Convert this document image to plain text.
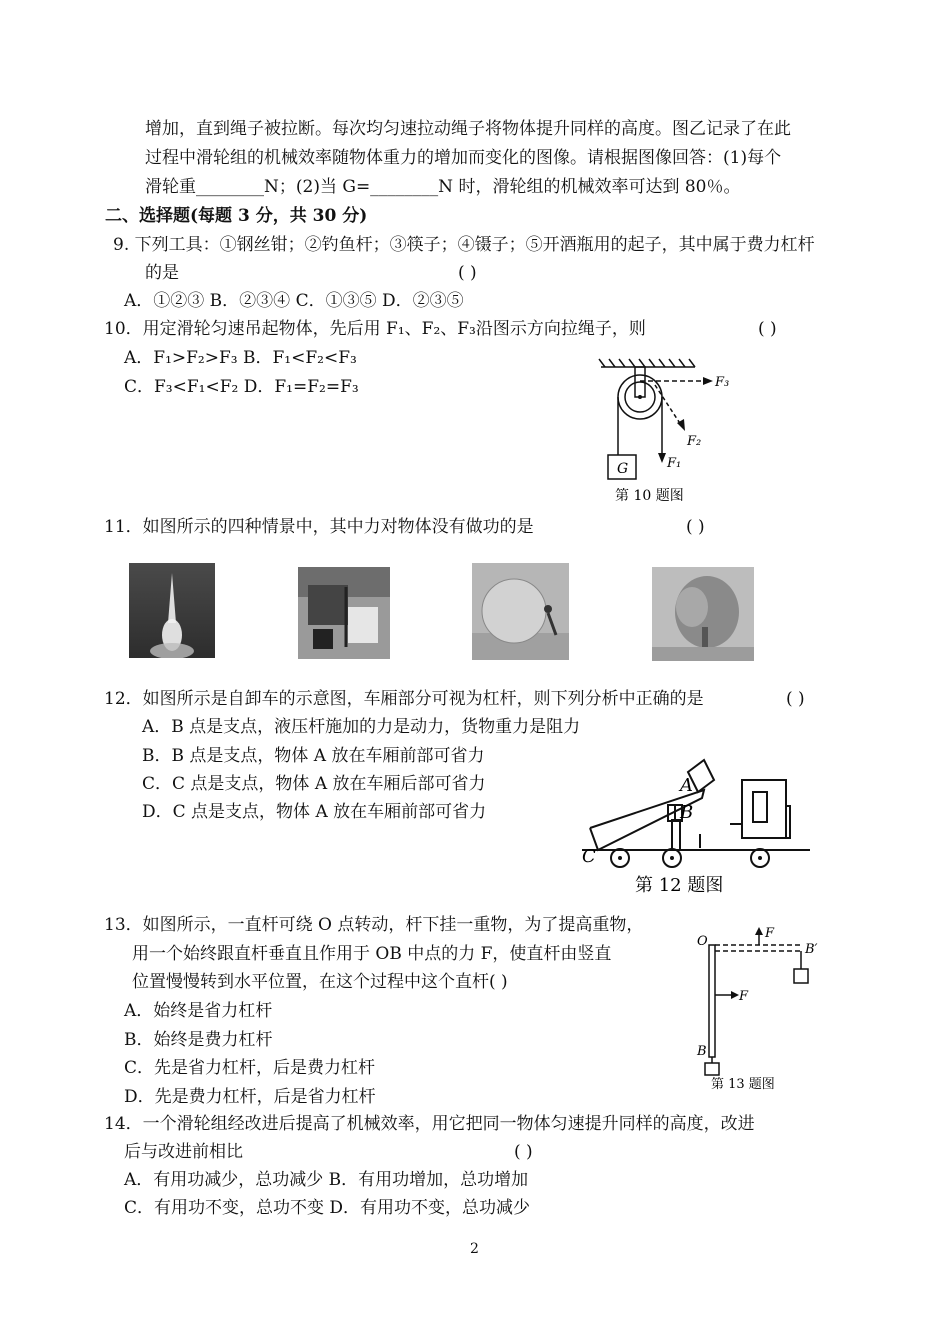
增加，直到绳子被拉断。每次均匀速拉动绳子将物体提升同样的高度。图乙记录了在此
过程中滑轮组的机械效率随物体重力的增加而变化的图像。请根据图像回答：(1)每个
滑轮重________N；(2)当 G=________N 时，滑轮组的机械效率可达到 80％。
二、选择题(每题 3 分，共 30 分)
9. 下列工具：①钢丝钳；②钓鱼杆；③筷子；④镊子；⑤开酒瓶用的起子，其中属于费力杠杆
的是	( )
A．①②③ B．②③④ C．①③⑤ D．②③⑤
10．用定滑轮匀速吊起物体，先后用 F₁、F₂、F₃沿图示方向拉绳子，则	( )
A．F₁>F₂>F₃ B．F₁<F₂<F₃
C．F₃<F₁<F₂ D．F₁=F₂=F₃	F₃
F₂
F₁
G
第 10 题图
11．如图所示的四种情景中，其中力对物体没有做功的是	( )
12．如图所示是自卸车的示意图，车厢部分可视为杠杆，则下列分析中正确的是	( )
A．B 点是支点，液压杆施加的力是动力，货物重力是阻力
B．B 点是支点，物体 A 放在车厢前部可省力
C．C 点是支点，物体 A 放在车厢后部可省力
D．C 点是支点，物体 A 放在车厢前部可省力
A
B
C
第 12 题图
13．如图所示，一直杆可绕 O 点转动，杆下挂一重物，为了提高重物，
用一个始终跟直杆垂直且作用于 OB 中点的力 F，使直杆由竖直
位置慢慢转到水平位置，在这个过程中这个直杆( )
A．始终是省力杠杆
B．始终是费力杠杆
C．先是省力杠杆，后是费力杠杆
D．先是费力杠杆，后是省力杠杆
O
F
B′
F
B
第 13 题图
14．一个滑轮组经改进后提高了机械效率，用它把同一物体匀速提升同样的高度，改进
后与改进前相比	( )
A．有用功减少，总功减少 B．有用功增加，总功增加
C．有用功不变，总功不变 D．有用功不变，总功减少
2
